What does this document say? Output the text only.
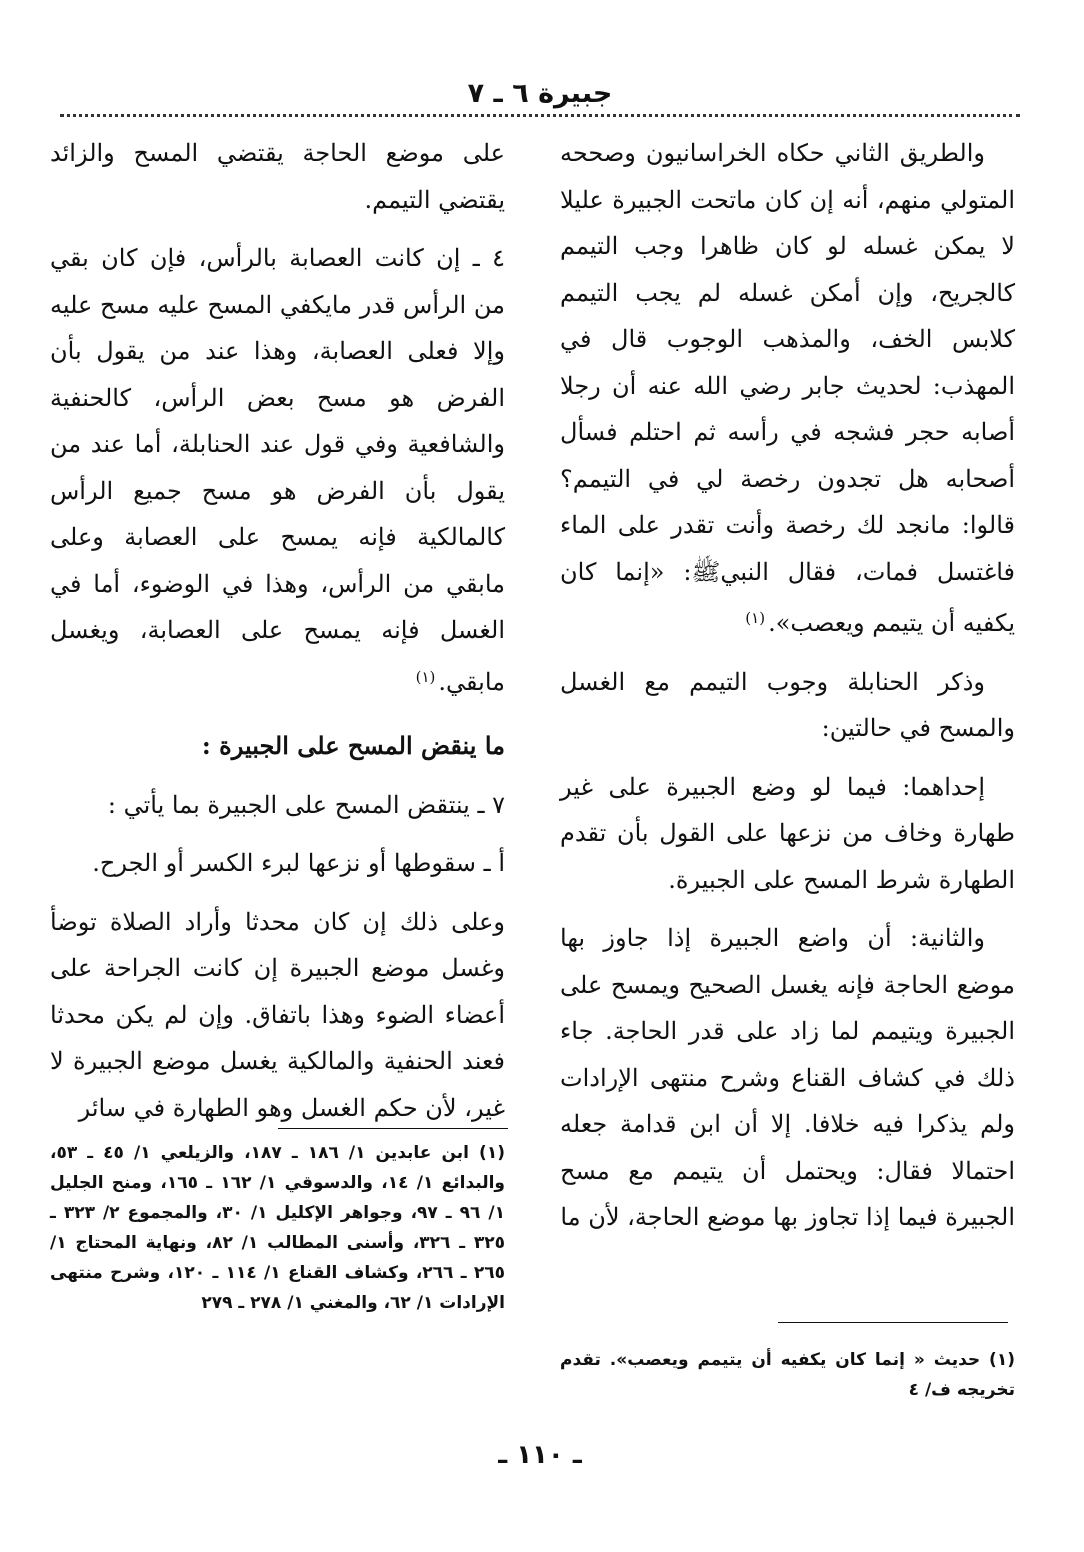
جبيرة ٦ ـ ٧

والطريق الثاني حكاه الخراسانيون وصححه المتولي منهم، أنه إن كان ماتحت الجبيرة عليلا لا يمكن غسله لو كان ظاهرا وجب التيمم كالجريح، وإن أمكن غسله لم يجب التيمم كلابس الخف، والمذهب الوجوب قال في المهذب: لحديث جابر رضي الله عنه أن رجلا أصابه حجر فشجه في رأسه ثم احتلم فسأل أصحابه هل تجدون رخصة لي في التيمم؟ قالوا: مانجد لك رخصة وأنت تقدر على الماء فاغتسل فمات، فقال النبيﷺ: «إنما كان يكفيه أن يتيمم ويعصب».$^{(١)}$

وذكر الحنابلة وجوب التيمم مع الغسل والمسح في حالتين:

إحداهما: فيما لو وضع الجبيرة على غير طهارة وخاف من نزعها على القول بأن تقدم الطهارة شرط المسح على الجبيرة.

والثانية: أن واضع الجبيرة إذا جاوز بها موضع الحاجة فإنه يغسل الصحيح ويمسح على الجبيرة ويتيمم لما زاد على قدر الحاجة. جاء ذلك في كشاف القناع وشرح منتهى الإرادات ولم يذكرا فيه خلافا. إلا أن ابن قدامة جعله احتمالا فقال: ويحتمل أن يتيمم مع مسح الجبيرة فيما إذا تجاوز بها موضع الحاجة، لأن ما

على موضع الحاجة يقتضي المسح والزائد يقتضي التيمم.

٤ ـ إن كانت العصابة بالرأس، فإن كان بقي من الرأس قدر مايكفي المسح عليه مسح عليه وإلا فعلى العصابة، وهذا عند من يقول بأن الفرض هو مسح بعض الرأس، كالحنفية والشافعية وفي قول عند الحنابلة، أما عند من يقول بأن الفرض هو مسح جميع الرأس كالمالكية فإنه يمسح على العصابة وعلى مابقي من الرأس، وهذا في الوضوء، أما في الغسل فإنه يمسح على العصابة، ويغسل مابقي.$^{(١)}$

ما ينقض المسح على الجبيرة :

٧ ـ ينتقض المسح على الجبيرة بما يأتي :

أ ـ سقوطها أو نزعها لبرء الكسر أو الجرح.

وعلى ذلك إن كان محدثا وأراد الصلاة توضأ وغسل موضع الجبيرة إن كانت الجراحة على أعضاء الضوء وهذا باتفاق. وإن لم يكن محدثا فعند الحنفية والمالكية يغسل موضع الجبيرة لا غير، لأن حكم الغسل وهو الطهارة في سائر

(١) ابن عابدين ١/ ١٨٦ ـ ١٨٧، والزيلعي ١/ ٤٥ ـ ٥٣، والبدائع ١/ ١٤، والدسوقي ١/ ١٦٢ ـ ١٦٥، ومنح الجليل ١/ ٩٦ ـ ٩٧، وجواهر الإكليل ١/ ٣٠، والمجموع ٢/ ٣٢٣ ـ ٣٢٥ ـ ٣٢٦، وأسنى المطالب ١/ ٨٢، ونهاية المحتاج ١/ ٢٦٥ ـ ٢٦٦، وكشاف القناع ١/ ١١٤ ـ ١٢٠، وشرح منتهى الإرادات ١/ ٦٢، والمغني ١/ ٢٧٨ ـ ٢٧٩
(١) حديث « إنما كان يكفيه أن يتيمم ويعصب». تقدم تخريجه ف/ ٤
ـ ١١٠ ـ
